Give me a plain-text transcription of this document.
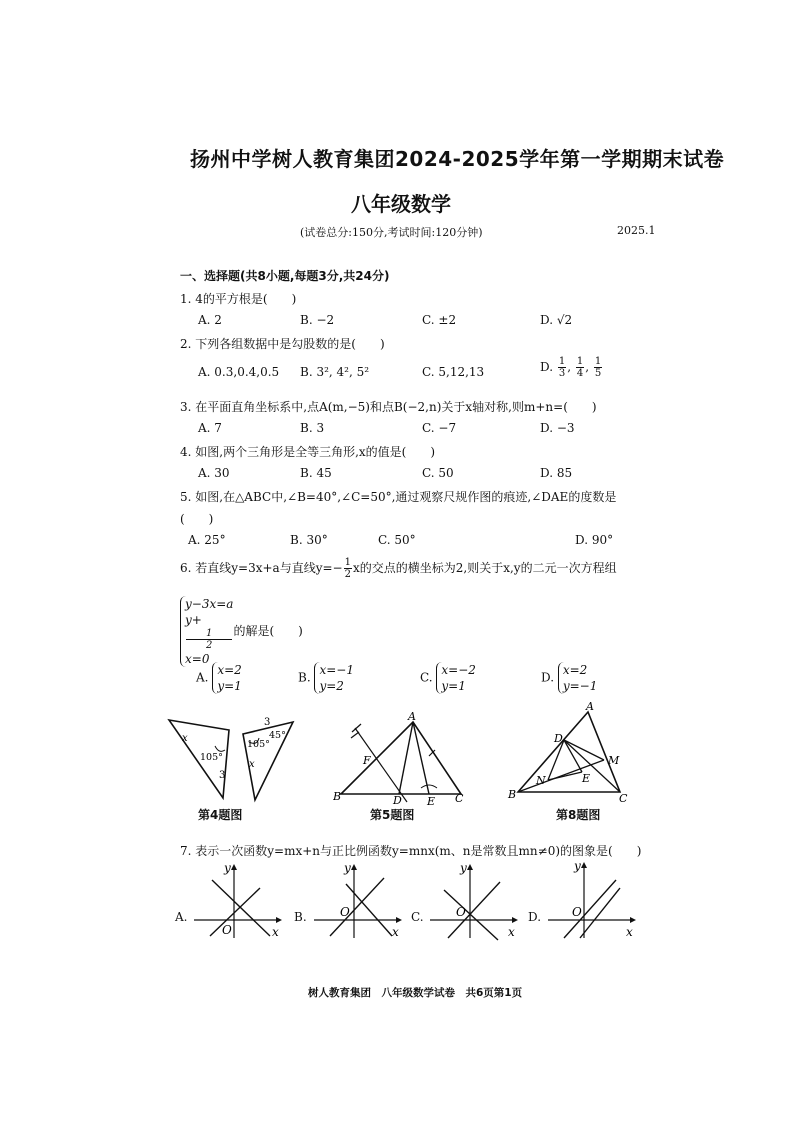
扬州中学树人教育集团2024-2025学年第一学期期末试卷
八年级数学
(试卷总分:150分,考试时间:120分钟)	2025.1
一、选择题(共8小题,每题3分,共24分)
1. 4的平方根是(　　)
A. 2	B. −2	C. ±2	D. √2
2. 下列各组数据中是勾股数的是(　　)
A. 0.3,0.4,0.5 B. 3², 4², 5²	C. 5,12,13	D. $\frac{1}{3}$ , $\frac{1}{4}$ , $\frac{1}{5}$
3. 在平面直角坐标系中,点A(m,−5)和点B(−2,n)关于x轴对称,则m+n=(　　)
A. 7	B. 3	C. −7	D. −3
4. 如图,两个三角形是全等三角形,x的值是(　　)
A. 30	B. 45	C. 50	D. 85
5. 如图,在△ABC中,∠B=40°,∠C=50°,通过观察尺规作图的痕迹,∠DAE的度数是
(　　)
A. 25°	B. 30°	C. 50°	D. 90°
6. 若直线y=3x+a与直线$y=- \frac{1}{2}$ x的交点的横坐标为2,则关于x,y的二元一次方程组
y−3x=a
y+
1
2
x=0
的解是(　　)
A.
x=2
y=1
B.
x=−1
y=2
C.
x=−2
y=1
D.
x=2
y=−1
x
105°
3
3
105°
45°
x
第4题图
A
B	C
D E
F
第5题图
A
B	C
D
E
M
N
第8题图
7. 表示一次函数y=mx+n与正比例函数y=mnx(m、n是常数且mn≠0)的图象是(　　)
A.
y
x
O
B.
y
x
O	C.
y
x
O	D.
y
x
O
树人教育集团　八年级数学试卷　共6页第1页
